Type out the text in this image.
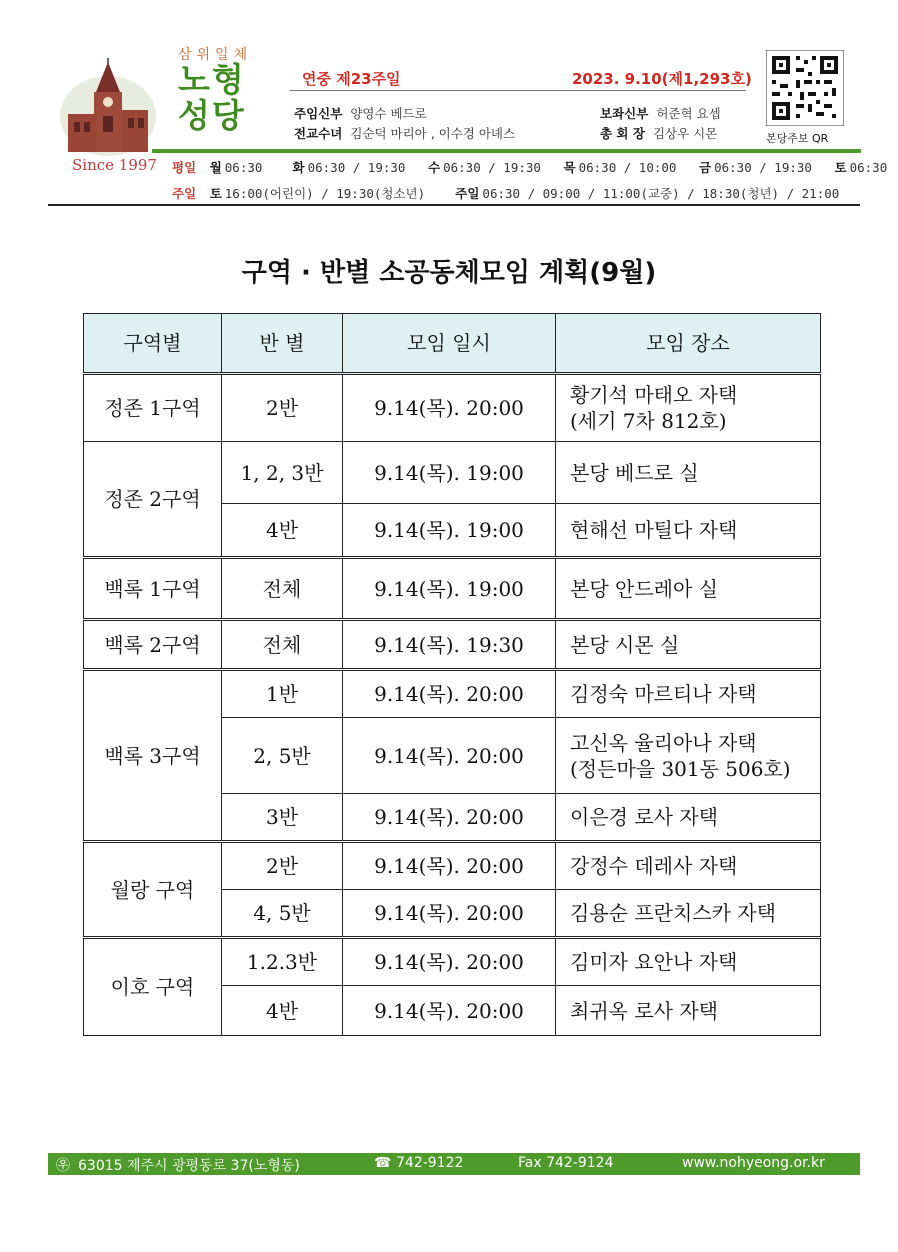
Since 1997
삼위일체
노형
성당
연중 제23주일	2023. 9.10(제1,293호)
주임신부 양영수 베드로	보좌신부 허준혁 요셉
전교수녀 김순덕 마리아 , 이수경 아녜스	총 회 장 김상우 시몬	본당주보 QR
평일 월 06:30 화 06:30 / 19:30 수 06:30 / 19:30 목 06:30 / 10:00 금 06:30 / 19:30 토 06:30
주일 토 16:00(어린이) / 19:30(청소년) 주일 06:30 / 09:00 / 11:00(교중) / 18:30(청년) / 21:00
구역 · 반별 소공동체모임 계획(9월)
구역별	반 별	모임 일시	모임 장소
정존 1구역	2반	9.14(목). 20:00	황기석 마태오 자택
(세기 7차 812호)

정존 2구역	1, 2, 3반	9.14(목). 19:00	본당 베드로 실
	4반	9.14(목). 19:00	현해선 마틸다 자택
백록 1구역	전체	9.14(목). 19:00	본당 안드레아 실
백록 2구역	전체	9.14(목). 19:30	본당 시몬 실
백록 3구역	1반	9.14(목). 20:00	김정숙 마르티나 자택
	2, 5반	9.14(목). 20:00	고신옥 율리아나 자택
(정든마을 301동 506호)

	3반	9.14(목). 20:00	이은경 로사 자택
월랑 구역	2반	9.14(목). 20:00	강정수 데레사 자택
	4, 5반	9.14(목). 20:00	김용순 프란치스카 자택
이호 구역	1.2.3반	9.14(목). 20:00	김미자 요안나 자택
	4반	9.14(목). 20:00	최귀옥 로사 자택
㉾ 63015 제주시 광평동로 37(노형동)	☎ 742-9122	Fax 742-9124	www.nohyeong.or.kr
